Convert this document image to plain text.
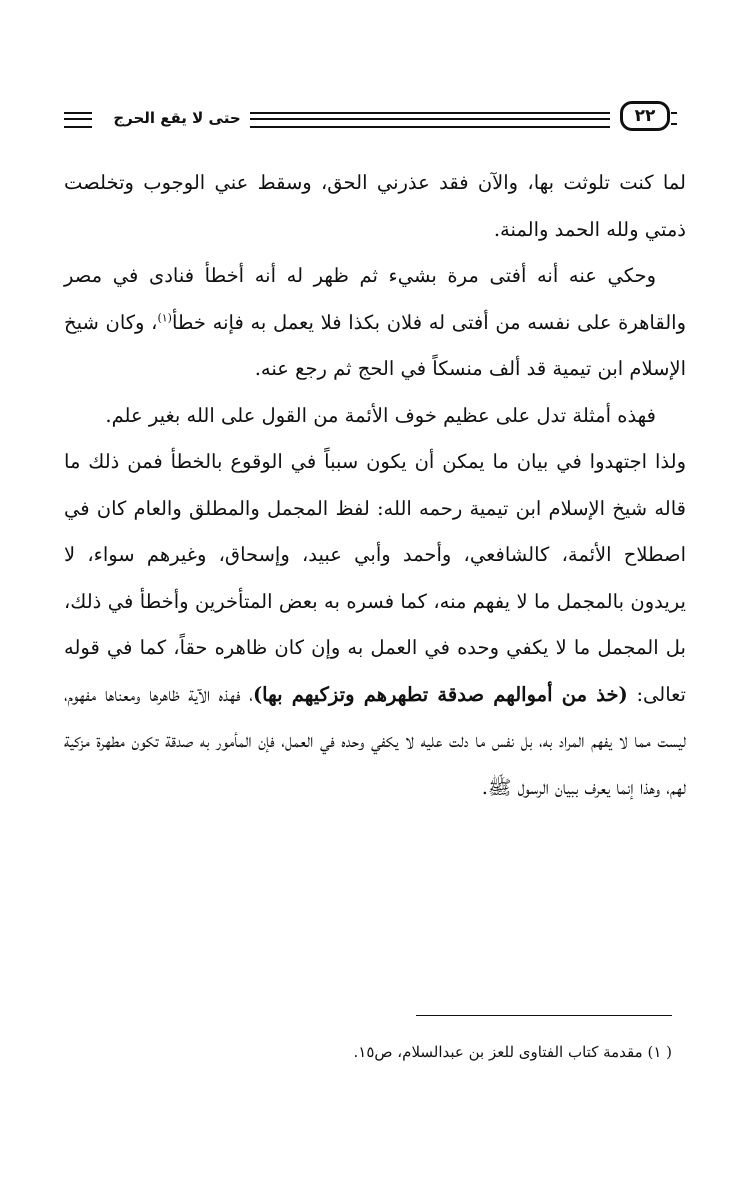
حتى لا يقع الحرج	٢٢

لما كنت تلوثت بها، والآن فقد عذرني الحق، وسقط عني الوجوب وتخلصت ذمتي ولله الحمد والمنة.

وحكي عنه أنه أفتى مرة بشيء ثم ظهر له أنه أخطأ فنادى في مصر والقاهرة على نفسه من أفتى له فلان بكذا فلا يعمل به فإنه خطأ$^{(١)}$، وكان شيخ الإسلام ابن تيمية قد ألف منسكاً في الحج ثم رجع عنه.

فهذه أمثلة تدل على عظيم خوف الأئمة من القول على الله بغير علم.

ولذا اجتهدوا في بيان ما يمكن أن يكون سبباً في الوقوع بالخطأ فمن ذلك ما قاله شيخ الإسلام ابن تيمية رحمه الله: لفظ المجمل والمطلق والعام كان في اصطلاح الأئمة، كالشافعي، وأحمد وأبي عبيد، وإسحاق، وغيرهم سواء، لا يريدون بالمجمل ما لا يفهم منه، كما فسره به بعض المتأخرين وأخطأ في ذلك، بل المجمل ما لا يكفي وحده في العمل به وإن كان ظاهره حقاً، كما في قوله تعالى: (خذ من أموالهم صدقة تطهرهم وتزكيهم بها)، فهذه الآية ظاهرها ومعناها مفهوم، ليست مما لا يفهم المراد به، بل نفس ما دلت عليه لا يكفي وحده في العمل، فإن المأمور به صدقة تكون مطهرة مزكية لهم، وهذا إنما يعرف ببيان الرسول ﷺ.

( ١) مقدمة كتاب الفتاوى للعز بن عبدالسلام، ص١٥.
